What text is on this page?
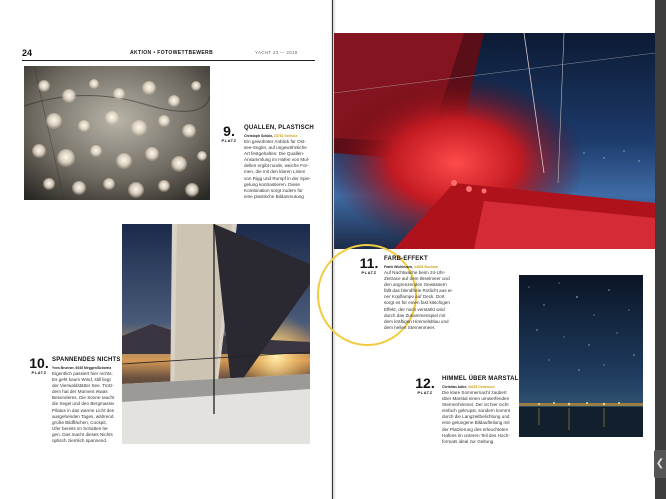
24	AKTION • FOTOWETTBEWERB	YACHT 23 — 2019
9.
PLATZ
QUALLEN, PLASTISCH
Christoph Schütz, 23782 Seeholz
Ein gewohnter Anblick für Ost-
see-Segler, auf ungewöhnliche
Art festgehalten: Die Quallen-
Ansammlung im Hafen von Mol-
dellen ergibt runde, weiche For-
men, die mit den klaren Linien
von Rigg und Rumpf in der Spie-
gelung kontrastieren. Diese
Kombination sorgt zudem für
eine plastische Bildanmutung
10.
PLATZ
SPANNENDES NICHTS
Yves Brunner, 6045 Meggen/Schweiz
Eigentlich passiert hier nichts.
Es geht kaum Wind, still liegt
der Vierwaldstätter See. Trotz-
dem hat der Moment etwas
Besonderes. Die Sonne taucht
die Segel und den Bergmassiv
Pilatus in das warme Licht des
ausgehenden Tages, während
große Bildflächen, Cockpit,
Ufer bereits im Schatten lie-
gen. Das macht dieses Nichts
optisch ziemlich spannend.
11.
PLATZ
FARB-EFFEKT
Frank Wichhusen, 44801 Bochum
Auf Nachtwache beim 24-Uhr-
Zeitrace auf dem Ilsselmeer und
den angrenzenden Gewässern
fällt das blendfreie Rotlicht aus ei-
ner Kopflampe auf Deck. Dort
sorgt es für einen fast kitschigen
Effekt, der noch verstärkt wird
durch das Zusammenspiel mit
dem kräftigen Himmelsblau und
dem hellen Sternenmeer.
12.
PLATZ
HIMMEL ÜBER MARSTAL
Christian Adler, 44225 Dortmund
Die klare Sommernacht zaubert
über Marstal einen umwerfenden
Sternenhimmel. Der ist hier nicht
einfach gekrupst, sondern kommt
durch die Langzeitbelichtung und
eine gelungene Bildaufteilung mit
der Platzierung des erleuchteten
Hafens im unteren Teil des Hoch-
formats ideal zur Geltung.
❮
